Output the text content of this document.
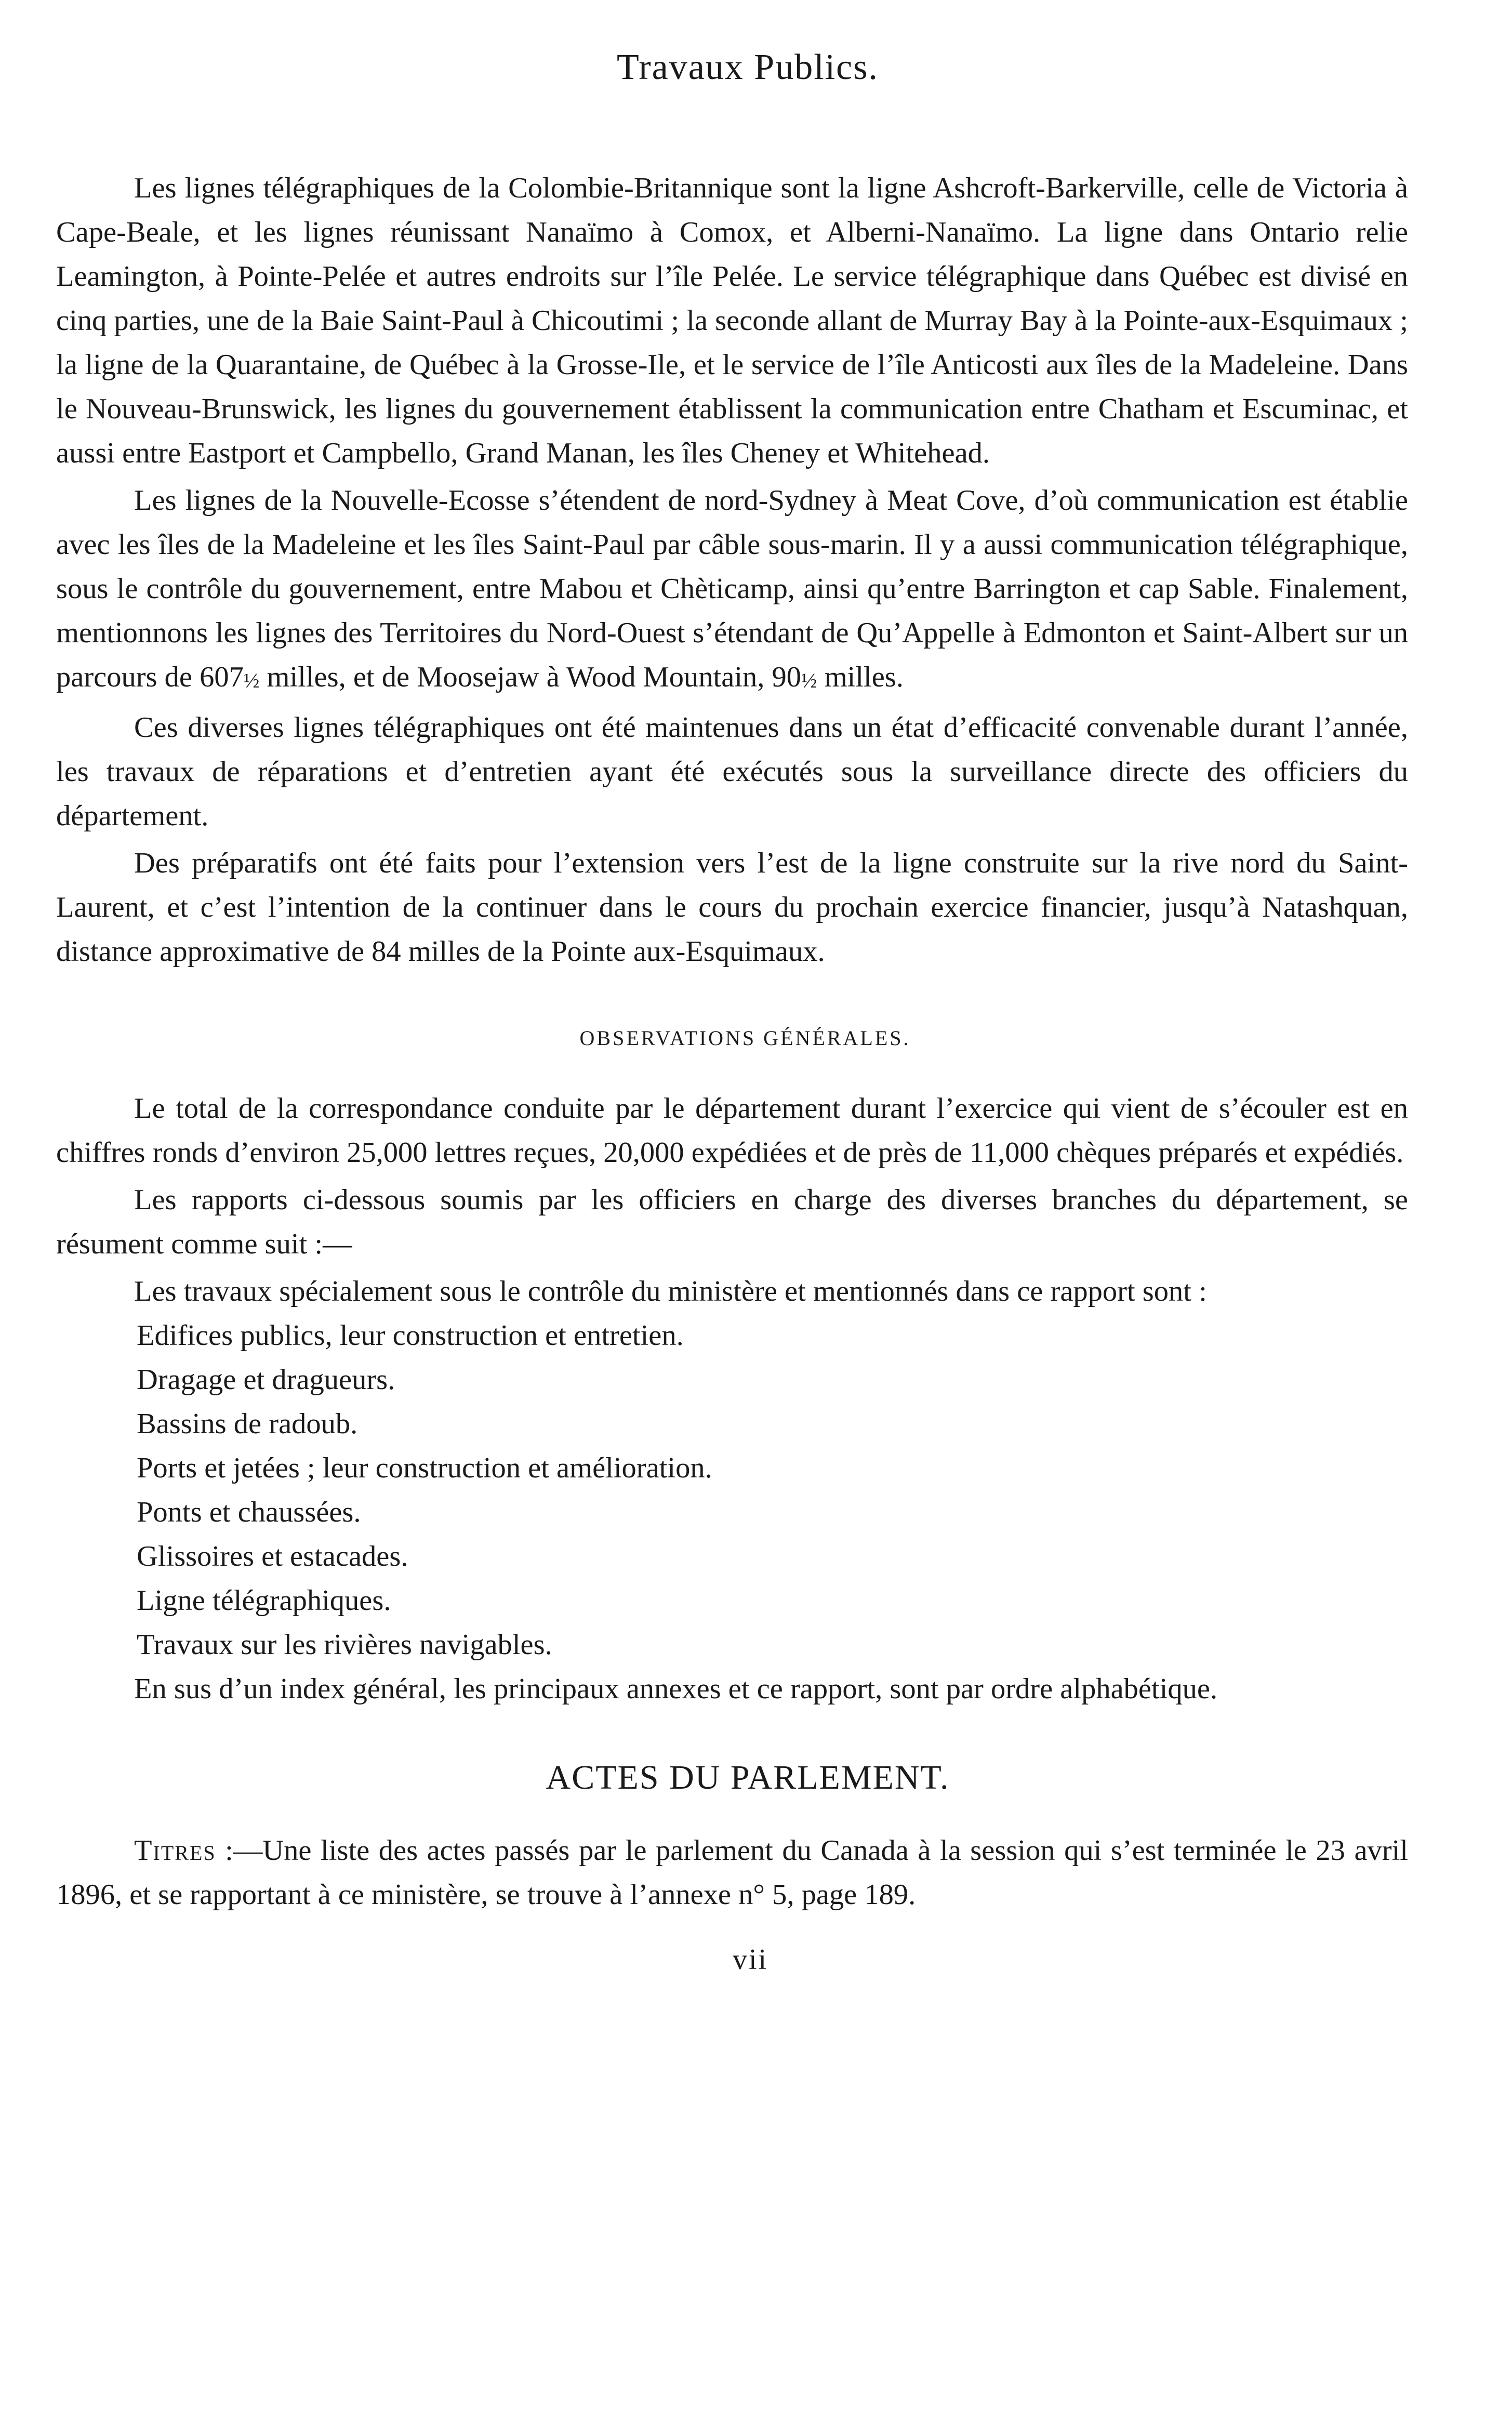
Travaux Publics.

Les lignes télégraphiques de la Colombie-Britannique sont la ligne Ashcroft-Barkerville, celle de Victoria à Cape-Beale, et les lignes réunissant Nanaïmo à Comox, et Alberni-Nanaïmo. La ligne dans Ontario relie Leamington, à Pointe-Pelée et autres endroits sur l’île Pelée. Le service télégraphique dans Québec est divisé en cinq parties, une de la Baie Saint-Paul à Chicoutimi ; la seconde allant de Murray Bay à la Pointe-aux-Esquimaux ; la ligne de la Quarantaine, de Québec à la Grosse-Ile, et le service de l’île Anticosti aux îles de la Madeleine. Dans le Nouveau-Brunswick, les lignes du gouvernement établissent la communication entre Chatham et Escuminac, et aussi entre Eastport et Campbello, Grand Manan, les îles Cheney et Whitehead.

Les lignes de la Nouvelle-Ecosse s’étendent de nord-Sydney à Meat Cove, d’où communication est établie avec les îles de la Madeleine et les îles Saint-Paul par câble sous-marin. Il y a aussi communication télégraphique, sous le contrôle du gouvernement, entre Mabou et Chèticamp, ainsi qu’entre Barrington et cap Sable. Finalement, mentionnons les lignes des Territoires du Nord-Ouest s’étendant de Qu’Appelle à Edmonton et Saint-Albert sur un parcours de 607½ milles, et de Moosejaw à Wood Mountain, 90½ milles.

Ces diverses lignes télégraphiques ont été maintenues dans un état d’efficacité convenable durant l’année, les travaux de réparations et d’entretien ayant été exécutés sous la surveillance directe des officiers du département.

Des préparatifs ont été faits pour l’extension vers l’est de la ligne construite sur la rive nord du Saint-Laurent, et c’est l’intention de la continuer dans le cours du prochain exercice financier, jusqu’à Natashquan, distance approximative de 84 milles de la Pointe aux-Esquimaux.

OBSERVATIONS GÉNÉRALES.

Le total de la correspondance conduite par le département durant l’exercice qui vient de s’écouler est en chiffres ronds d’environ 25,000 lettres reçues, 20,000 expédiées et de près de 11,000 chèques préparés et expédiés.

Les rapports ci-dessous soumis par les officiers en charge des diverses branches du département, se résument comme suit :—

Les travaux spécialement sous le contrôle du ministère et mentionnés dans ce rapport sont :

Edifices publics, leur construction et entretien.
Dragage et dragueurs.
Bassins de radoub.
Ports et jetées ; leur construction et amélioration.
Ponts et chaussées.
Glissoires et estacades.
Ligne télégraphiques.
Travaux sur les rivières navigables.

En sus d’un index général, les principaux annexes et ce rapport, sont par ordre alphabétique.

ACTES DU PARLEMENT.

Titres :—Une liste des actes passés par le parlement du Canada à la session qui s’est terminée le 23 avril 1896, et se rapportant à ce ministère, se trouve à l’annexe n° 5, page 189.

vii
